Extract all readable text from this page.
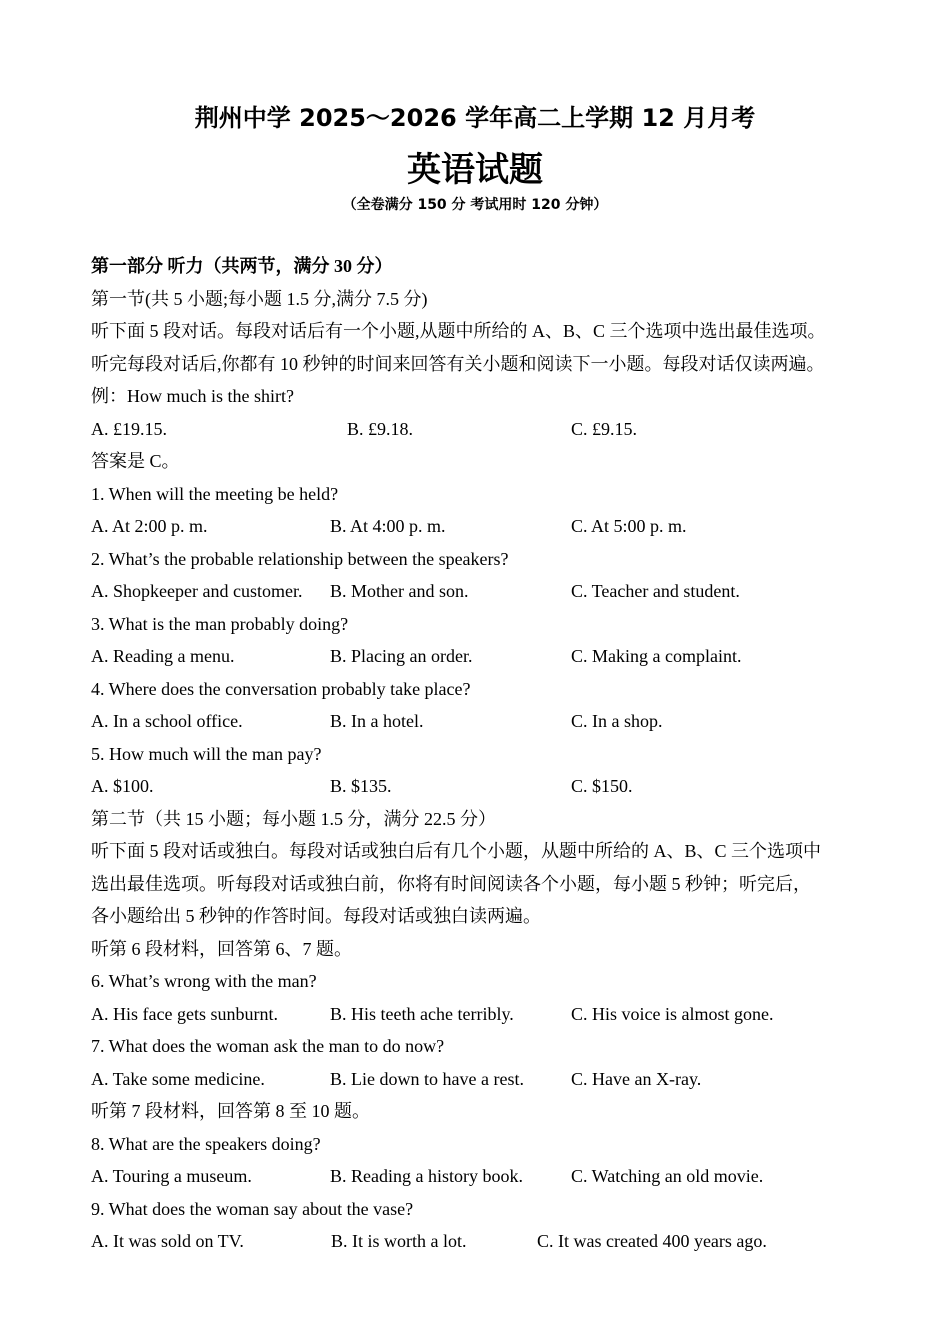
荆州中学 2025～2026 学年高二上学期 12 月月考
英语试题
（全卷满分 150 分 考试用时 120 分钟）
第一部分 听力（共两节，满分 30 分）
第一节(共 5 小题;每小题 1.5 分,满分 7.5 分)
听下面 5 段对话。每段对话后有一个小题,从题中所给的 A、B、C 三个选项中选出最佳选项。
听完每段对话后,你都有 10 秒钟的时间来回答有关小题和阅读下一小题。每段对话仅读两遍。
例：How much is the shirt?
A. £19.15.	B. £9.18.	C. £9.15.
答案是 C。
1. When will the meeting be held?
A. At 2:00 p. m.	B. At 4:00 p. m.	C. At 5:00 p. m.
2. What’s the probable relationship between the speakers?
A. Shopkeeper and customer. B. Mother and son.	C. Teacher and student.
3. What is the man probably doing?
A. Reading a menu.	B. Placing an order.	C. Making a complaint.
4. Where does the conversation probably take place?
A. In a school office.	B. In a hotel.	C. In a shop.
5. How much will the man pay?
A. $100.	B. $135.	C. $150.
第二节（共 15 小题；每小题 1.5 分，满分 22.5 分）
听下面 5 段对话或独白。每段对话或独白后有几个小题，从题中所给的 A、B、C 三个选项中
选出最佳选项。听每段对话或独白前，你将有时间阅读各个小题，每小题 5 秒钟；听完后，
各小题给出 5 秒钟的作答时间。每段对话或独白读两遍。
听第 6 段材料，回答第 6、7 题。
6. What’s wrong with the man?
A. His face gets sunburnt.	B. His teeth ache terribly.	C. His voice is almost gone.
7. What does the woman ask the man to do now?
A. Take some medicine.	B. Lie down to have a rest.	C. Have an X-ray.
听第 7 段材料，回答第 8 至 10 题。
8. What are the speakers doing?
A. Touring a museum.	B. Reading a history book.	C. Watching an old movie.
9. What does the woman say about the vase?
A. It was sold on TV.	B. It is worth a lot.	C. It was created 400 years ago.
